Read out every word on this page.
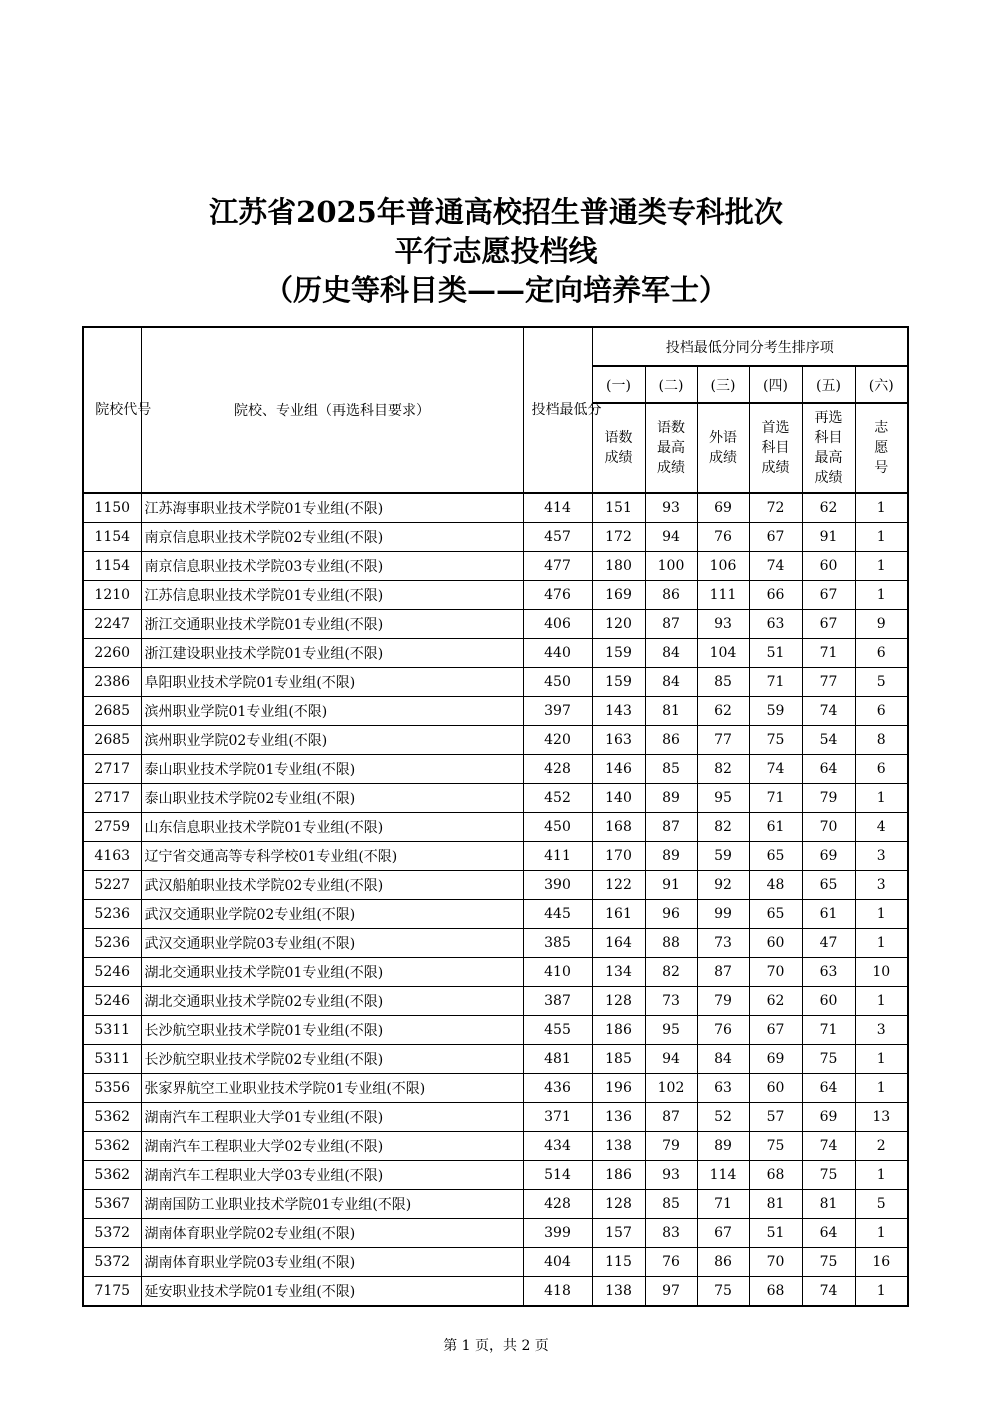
江苏省2025年普通高校招生普通类专科批次
平行志愿投档线
（历史等科目类——定向培养军士）
院校代号	院校、专业组（再选科目要求）	投档最低分	投档最低分同分考生排序项					
			(一)	(二)	(三)	(四)	(五)	(六)
			语数成绩	语数最高成绩	外语成绩	首选科目成绩	再选科目最高成绩	志愿号
1150	江苏海事职业技术学院01专业组(不限)	414	151	93	69	72	62	1
1154	南京信息职业技术学院02专业组(不限)	457	172	94	76	67	91	1
1154	南京信息职业技术学院03专业组(不限)	477	180	100	106	74	60	1
1210	江苏信息职业技术学院01专业组(不限)	476	169	86	111	66	67	1
2247	浙江交通职业技术学院01专业组(不限)	406	120	87	93	63	67	9
2260	浙江建设职业技术学院01专业组(不限)	440	159	84	104	51	71	6
2386	阜阳职业技术学院01专业组(不限)	450	159	84	85	71	77	5
2685	滨州职业学院01专业组(不限)	397	143	81	62	59	74	6
2685	滨州职业学院02专业组(不限)	420	163	86	77	75	54	8
2717	泰山职业技术学院01专业组(不限)	428	146	85	82	74	64	6
2717	泰山职业技术学院02专业组(不限)	452	140	89	95	71	79	1
2759	山东信息职业技术学院01专业组(不限)	450	168	87	82	61	70	4
4163	辽宁省交通高等专科学校01专业组(不限)	411	170	89	59	65	69	3
5227	武汉船舶职业技术学院02专业组(不限)	390	122	91	92	48	65	3
5236	武汉交通职业学院02专业组(不限)	445	161	96	99	65	61	1
5236	武汉交通职业学院03专业组(不限)	385	164	88	73	60	47	1
5246	湖北交通职业技术学院01专业组(不限)	410	134	82	87	70	63	10
5246	湖北交通职业技术学院02专业组(不限)	387	128	73	79	62	60	1
5311	长沙航空职业技术学院01专业组(不限)	455	186	95	76	67	71	3
5311	长沙航空职业技术学院02专业组(不限)	481	185	94	84	69	75	1
5356	张家界航空工业职业技术学院01专业组(不限)	436	196	102	63	60	64	1
5362	湖南汽车工程职业大学01专业组(不限)	371	136	87	52	57	69	13
5362	湖南汽车工程职业大学02专业组(不限)	434	138	79	89	75	74	2
5362	湖南汽车工程职业大学03专业组(不限)	514	186	93	114	68	75	1
5367	湖南国防工业职业技术学院01专业组(不限)	428	128	85	71	81	81	5
5372	湖南体育职业学院02专业组(不限)	399	157	83	67	51	64	1
5372	湖南体育职业学院03专业组(不限)	404	115	76	86	70	75	16
7175	延安职业技术学院01专业组(不限)	418	138	97	75	68	74	1
第 1 页，共 2 页
